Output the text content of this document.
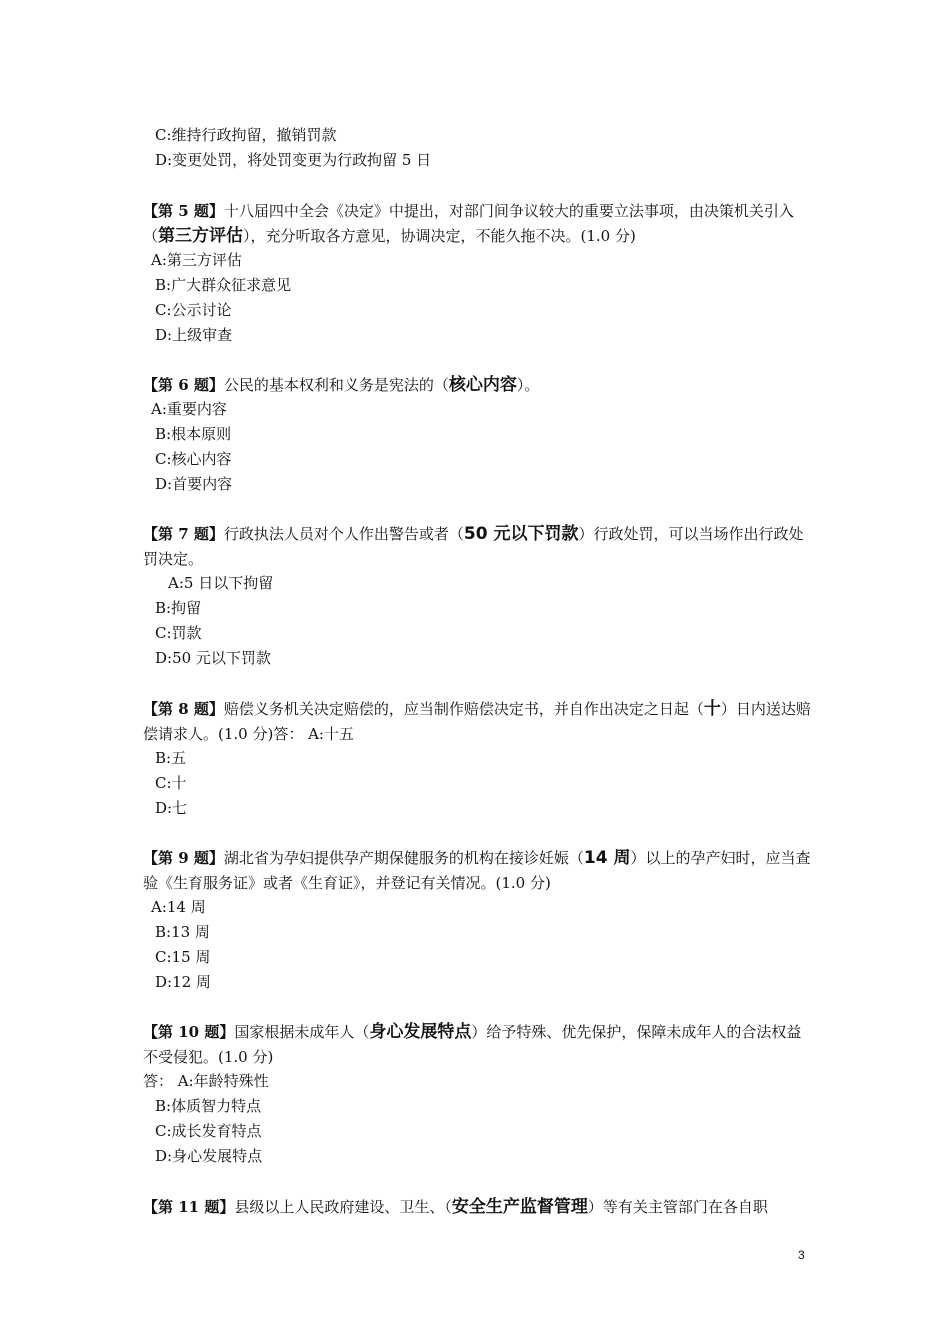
C:维持行政拘留，撤销罚款
D:变更处罚，将处罚变更为行政拘留 5 日
【第 5 题】十八届四中全会《决定》中提出，对部门间争议较大的重要立法事项，由决策机关引入（第三方评估），充分听取各方意见，协调决定，不能久拖不决。(1.0 分)
A:第三方评估
B:广大群众征求意见
C:公示讨论
D:上级审查
【第 6 题】公民的基本权利和义务是宪法的（核心内容）。
A:重要内容
B:根本原则
C:核心内容
D:首要内容
【第 7 题】行政执法人员对个人作出警告或者（50 元以下罚款）行政处罚，可以当场作出行政处罚决定。
A:5 日以下拘留
B:拘留
C:罚款
D:50 元以下罚款
【第 8 题】赔偿义务机关决定赔偿的，应当制作赔偿决定书，并自作出决定之日起（十）日内送达赔偿请求人。(1.0 分)答： A:十五
B:五
C:十
D:七
【第 9 题】湖北省为孕妇提供孕产期保健服务的机构在接诊妊娠（14 周）以上的孕产妇时，应当查验《生育服务证》或者《生育证》，并登记有关情况。(1.0 分)
A:14 周
B:13 周
C:15 周
D:12 周
【第 10 题】国家根据未成年人（身心发展特点）给予特殊、优先保护，保障未成年人的合法权益不受侵犯。(1.0 分)
答： A:年龄特殊性
B:体质智力特点
C:成长发育特点
D:身心发展特点
【第 11 题】县级以上人民政府建设、卫生、（安全生产监督管理）等有关主管部门在各自职
3
